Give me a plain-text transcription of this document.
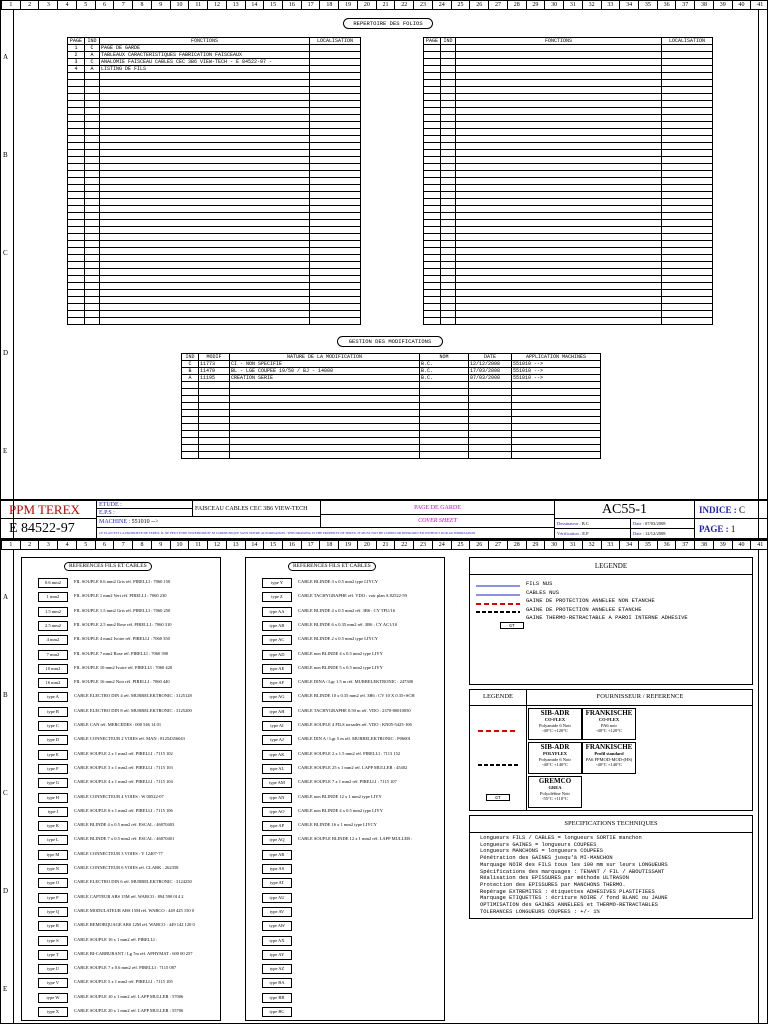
1	2	3	4	5	6	7	8	9	10	11	12	13	14	15	16	17	18	19	20	21	22	23	24	25	26	27	28	29	30	31	32	33	34	35	36	37	38	39	40	41
A
B
C
D
E
REPERTOIRE DES FOLIOS
PAGE	IND	FONCTIONS	LOCALISATION
1	C	PAGE DE GARDE	
2	A	TABLEAUX CARACTERISTIQUES FABRICATION FAISCEAUX	
3	C	ANALOMIE FAISCEAU CABLES CEC 3B6 VIEW-TECH - E 84522-97 -	
4	A	LISTING DE FILS	

PAGE	IND	FONCTIONS	LOCALISATION

GESTION DES MODIFICATIONS
IND	MODIF	NATURE DE LA MODIFICATION	NOM	DATE	APPLICATION MACHINES
C	11773	CI - NON SPECIFIE	B.C.	12/12/2008	551010 -->
B	11479	BL - LGE COUPEE 19/50 / BJ - 14000	B.C.	17/03/2008	551010 -->
A	11195	CREATION SERIE	B.C.	07/03/2008	551010 -->

PPM TEREX
E 84522-97
ETUDE :
E.P.S :
MACHINE : 551010 -->
FAISCEAU CABLES CEC 3B6 VIEW-TECH	PAGE DE GARDE
COVER SHEET
CE PLAN EST LA PROPRIETE DE TEREX. IL NE PEUT ETRE NI REPRODUIT NI COMMUNIQUE SANS NOTRE AUTORISATION / THIS DRAWING IS THE PROPERTY OF TEREX. IT MUST NOT BE COPIED OR REPRODUCED WITHOUT OUR AUTHORIZATION
AC55-1
Dessinateur : B.C
Vérification : E.F
Date : 07/03/2008
Date : 12/12/2008
INDICE : C
PAGE : 1
1	2	3	4	5	6	7	8	9	10	11	12	13	14	15	16	17	18	19	20	21	22	23	24	25	26	27	28	29	30	31	32	33	34	35	36	37	38	39	40	41
A
B
C
D
E
REFERENCES FILS ET CABLES
0.6 mm2	FIL SOUPLE 0.6 mm2 Gris réf. PIRELLI : 7060 150
1 mm2	FIL SOUPLE 1 mm2 Vert réf. PIRELLI : 7060 230
1.5 mm2	FIL SOUPLE 1.5 mm2 Gris réf. PIRELLI : 7060 250
2.5 mm2	FIL SOUPLE 2.5 mm2 Rose réf. PIRELLI : 7060 310
4 mm2	FIL SOUPLE 4 mm2 Ivoire réf. PIRELLI : 7060 350
7 mm2	FIL SOUPLE 7 mm2 Rose réf. PIRELLI : 7060 390
10 mm2	FIL SOUPLE 10 mm2 Ivoire réf. PIRELLI : 7060 420
16 mm2	FIL SOUPLE 16 mm2 Noir réf. PIRELLI : 7060 440
type A	CABLE ELECTRO DIN 4 réf. MURRELEKTRONIC : 3125128
type B	CABLE ELECTRO DIN 8 réf. MURRELEKTRONIC : 3125200
type C	CABLE CAN réf. MERCEDES : 000 546 14 01
type D	CABLE CONNECTEUR 2 VOIES réf. MAN : 81254356043
type E	CABLE SOUPLE 2 x 1 mm2 réf. PIRELLI : 7115 102
type F	CABLE SOUPLE 3 x 1 mm2 réf. PIRELLI : 7115 103
type G	CABLE SOUPLE 4 x 1 mm2 réf. PIRELLI : 7115 104
type H	CABLE CONNECTEUR 4 VOIES : W 00522-07
type J	CABLE SOUPLE 6 x 1 mm2 réf. PIRELLI : 7115 106
type K	CABLE BLINDE 4 x 0.5 mm2 réf. ESCAL : 46070403
type L	CABLE BLINDE 7 x 0.5 mm2 réf. ESCAL : 46070401
type M	CABLE CONNECTEUR 3 VOIES : V 12407-77
type N	CABLE CONNECTEUR 6 VOIES réf. CLARK : 262358
type O	CABLE ELECTRO DIN 6 réf. MURRELEKTRONIC : 3124250
type P	CABLE CAPTEUR ABS 15M réf. WABCO : 894 590 014 2
type Q	CABLE MODULATEUR ABS 15M réf. WABCO : 449 425 150 0
type R	CABLE REMORQUAGE ABS 12M réf. WABCO : 449 142 120 0
type S	CABLE SOUPLE 16 x 1 mm2 réf. PIRELLI :
type T	CABLE BI-CARBURANT / Lg 7m réf. APHYMAT : 600 00 257
type U	CABLE SOUPLE 7 x 0.6 mm2 réf. PIRELLI : 7115 087
type V	CABLE SOUPLE 5 x 1 mm2 réf. PIRELLI : 7115 105
type W	CABLE SOUPLE 10 x 1 mm2 réf. LAPP MULLER : 57006
type X	CABLE SOUPLE 20 x 1 mm2 réf. LAPP MULLER : 55706
REFERENCES FILS ET CABLES
type Y	CABLE BLINDE 3 x 0.5 mm2 type LIYCY
type Z	CABLE TACHYGRAPHE réf. VDO : voir plan A 82522-59
type AA	CABLE BLINDE 4 x 0.5 mm2 réf. 3B6 : CY TFU/16
type AB	CABLE BLINDE 6 x 0.35 mm2 réf. 3B6 : CY AC1/10
type AC	CABLE BLINDE 2 x 0.5 mm2 type LIYCY
type AD	CABLE non BLINDE 4 x 0.5 mm2 type LIYY
type AE	CABLE non BLINDE 5 x 0.5 mm2 type LIYY
type AF	CABLE DINA / Lgr 1.5 m réf. MURRELEKTRONIC : 247300
type AG	CABLE BLINDE 10 x 0.35 mm2 réf. 3B6 : CV 10 X 0.35+SCH
type AH	CABLE TACHYGRAPHE 0.50 m réf. VDO : 2370-80010050
type AI	CABLE SOUPLE 4 FILS torsadés réf. VDO : KN05-5425-106
type AJ	CABLE DIN A / Lgr 5 m réf. MURRELEKTRONIC : P06001
type AK	CABLE SOUPLE 2 x 1.5 mm2 réf. PIRELLI : 7113 152
type AL	CABLE SOUPLE 25 x 1 mm2 réf. LAPP MULLER : 45402
type AM	CABLE SOUPLE 7 x 1 mm2 réf. PIRELLI : 7115 107
type AN	CABLE non BLINDE 12 x 1 mm2 type LIYY
type AO	CABLE non BLINDE 4 x 0.5 mm2 type LIYY
type AP	CABLE BLINDE 16 x 1 mm2 type LIYCY
type AQ	CABLE SOUPLE BLINDE 12 x 1 mm2 réf. LAPP MULLER :
type AR
type AS
type AT
type AU
type AV
type AW
type AX
type AY
type AZ
type BA
type BB
type BC
LEGENDE
GT
FILS NUS
CABLES NUS
GAINE DE PROTECTION ANNELEE NON ETANCHE
GAINE DE PROTECTION ANNELEE ETANCHE
GAINE THERMO-RETRACTABLE A PAROI INTERNE ADHESIVE
LEGENDE	FOURNISSEUR / REFERENCE
GT
SIB-ADR
CO-FLEX
Polyamide 6 Noir
-40°C +120°C
FRANKISCHE
CO-FLEX
PA6 noir
-40°C +120°C
SIB-ADR
POLYFLEX
Polyamide 6 Noir
-40°C +140°C
FRANKISCHE
Profil standard
PA6 FPMOD-MOD-(HS)
-40°C +140°C
GREMCO
GREA
Polyoléfine Noir
-55°C +110°C
SPECIFICATIONS TECHNIQUES
Longueurs FILS / CABLES = longueurs SORTIE manchon
Longueurs GAINES = longueurs COUPEES
Longueurs MANCHONS = longueurs COUPEES
Pénétration des GAINES jusqu'à MI-MANCHON
Marquage NOIR des FILS tous les 100 mm sur leurs LONGUEURS
Spécifications des marquages : TENANT / FIL / ABOUTISSANT
Réalisation des EPISSURES par méthode ULTRASON
Protection des EPISSURES par MANCHONS THERMO.
Repérage EXTREMITES : étiquettes ADHESIVES PLASTIFIEES
Marquage ETIQUETTES : écriture NOIRE / fond BLANC ou JAUNE
OPTIMISATION des GAINES ANNELEES et THERMO-RETRACTABLES
TOLERANCES LONGUEURS COUPEES : +/- 1%
